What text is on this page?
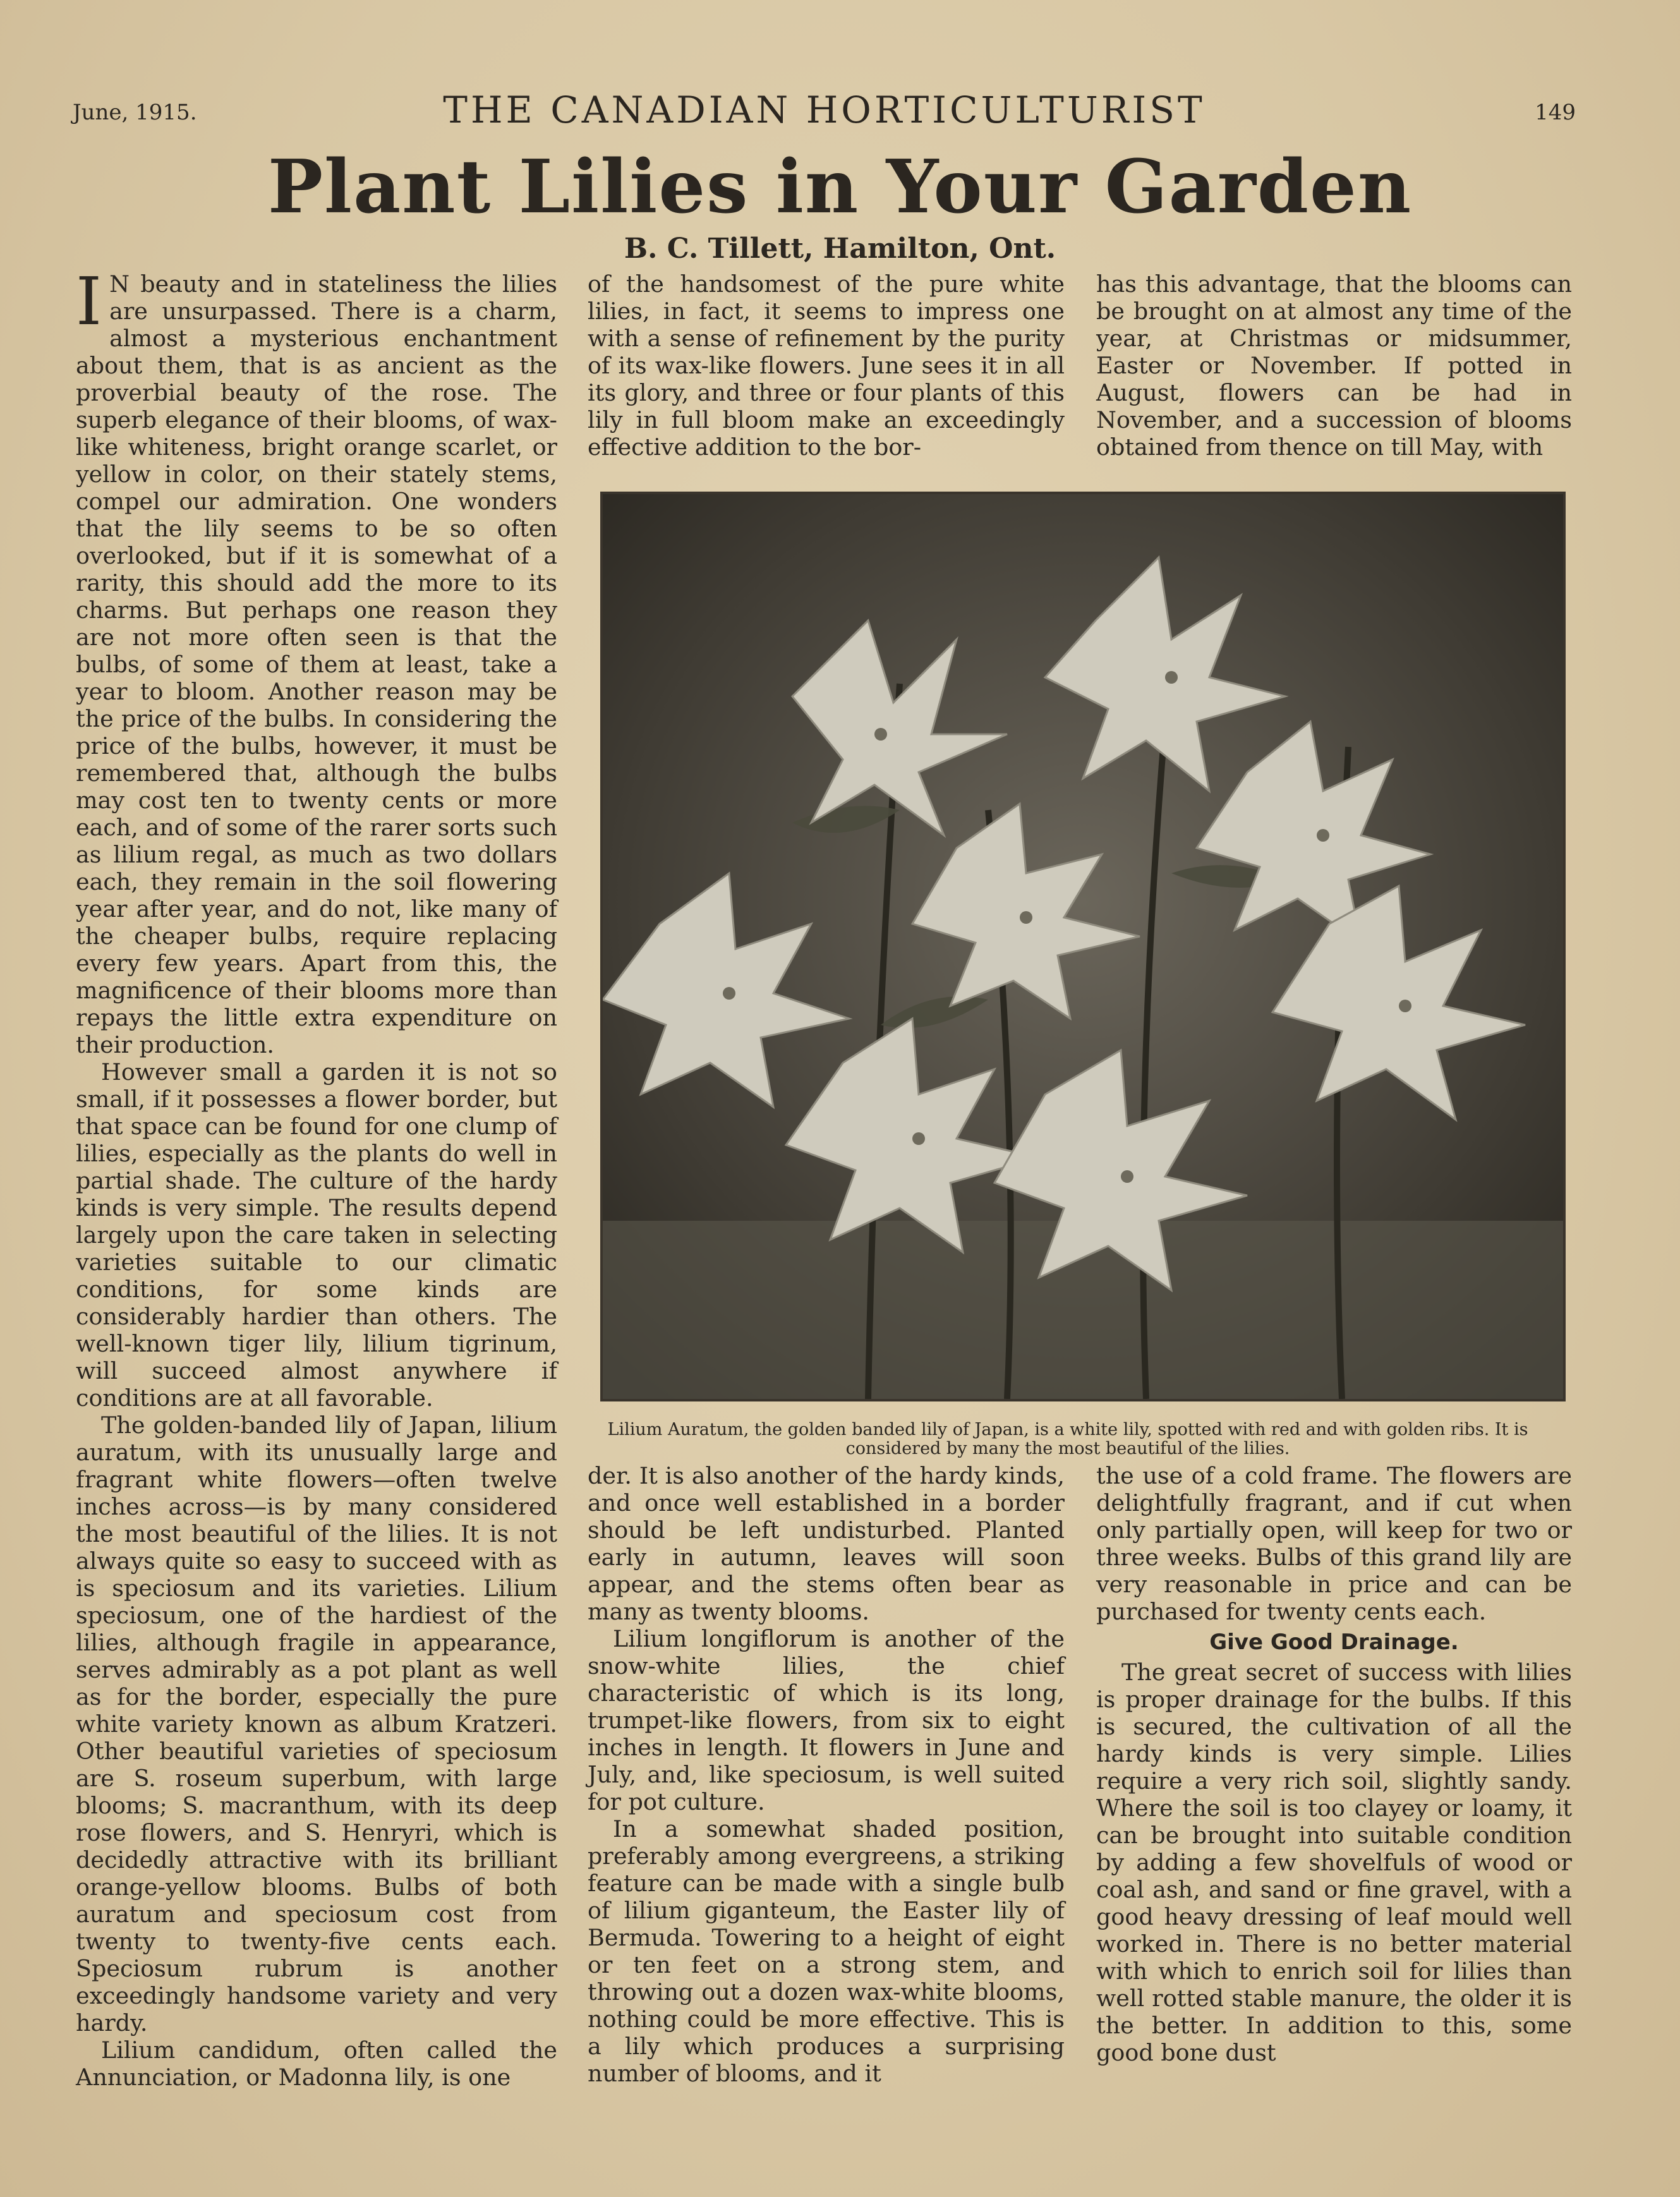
June, 1915.	THE CANADIAN HORTICULTURIST	149
Plant Lilies in Your Garden
B. C. Tillett, Hamilton, Ont.

I N beauty and in stateliness the lilies are unsurpassed. There is a charm, almost a mysterious enchantment about them, that is as ancient as the proverbial beauty of the rose. The superb elegance of their blooms, of wax-like whiteness, bright orange scarlet, or yellow in color, on their stately stems, compel our admiration. One wonders that the lily seems to be so often overlooked, but if it is somewhat of a rarity, this should add the more to its charms. But perhaps one reason they are not more often seen is that the bulbs, of some of them at least, take a year to bloom. Another reason may be the price of the bulbs. In considering the price of the bulbs, however, it must be remembered that, although the bulbs may cost ten to twenty cents or more each, and of some of the rarer sorts such as lilium regal, as much as two dollars each, they remain in the soil flowering year after year, and do not, like many of the cheaper bulbs, require replacing every few years. Apart from this, the magnificence of their blooms more than repays the little extra expenditure on their production.

However small a garden it is not so small, if it possesses a flower border, but that space can be found for one clump of lilies, especially as the plants do well in partial shade. The culture of the hardy kinds is very simple. The results depend largely upon the care taken in selecting varieties suitable to our climatic conditions, for some kinds are considerably hardier than others. The well-known tiger lily, lilium tigrinum, will succeed almost anywhere if conditions are at all favorable.

The golden-banded lily of Japan, lilium auratum, with its unusually large and fragrant white flowers—often twelve inches across—is by many considered the most beautiful of the lilies. It is not always quite so easy to succeed with as is speciosum and its varieties. Lilium speciosum, one of the hardiest of the lilies, although fragile in appearance, serves admirably as a pot plant as well as for the border, especially the pure white variety known as album Kratzeri. Other beautiful varieties of speciosum are S. roseum superbum, with large blooms; S. macranthum, with its deep rose flowers, and S. Henryri, which is decidedly attractive with its brilliant orange-yellow blooms. Bulbs of both auratum and speciosum cost from twenty to twenty-five cents each. Speciosum rubrum is another exceedingly handsome variety and very hardy.

Lilium candidum, often called the Annunciation, or Madonna lily, is one

of the handsomest of the pure white lilies, in fact, it seems to impress one with a sense of refinement by the purity of its wax-like flowers. June sees it in all its glory, and three or four plants of this lily in full bloom make an exceedingly effective addition to the bor-

has this advantage, that the blooms can be brought on at almost any time of the year, at Christmas or midsummer, Easter or November. If potted in August, flowers can be had in November, and a succession of blooms obtained from thence on till May, with

Lilium Auratum, the golden banded lily of Japan, is a white lily, spotted with red and with golden ribs. It is considered by many the most beautiful of the lilies.

der. It is also another of the hardy kinds, and once well established in a border should be left undisturbed. Planted early in autumn, leaves will soon appear, and the stems often bear as many as twenty blooms.

Lilium longiflorum is another of the snow-white lilies, the chief characteristic of which is its long, trumpet-like flowers, from six to eight inches in length. It flowers in June and July, and, like speciosum, is well suited for pot culture.

In a somewhat shaded position, preferably among evergreens, a striking feature can be made with a single bulb of lilium giganteum, the Easter lily of Bermuda. Towering to a height of eight or ten feet on a strong stem, and throwing out a dozen wax-white blooms, nothing could be more effective. This is a lily which produces a surprising number of blooms, and it

the use of a cold frame. The flowers are delightfully fragrant, and if cut when only partially open, will keep for two or three weeks. Bulbs of this grand lily are very reasonable in price and can be purchased for twenty cents each.

Give Good Drainage.

The great secret of success with lilies is proper drainage for the bulbs. If this is secured, the cultivation of all the hardy kinds is very simple. Lilies require a very rich soil, slightly sandy. Where the soil is too clayey or loamy, it can be brought into suitable condition by adding a few shovelfuls of wood or coal ash, and sand or fine gravel, with a good heavy dressing of leaf mould well worked in. There is no better material with which to enrich soil for lilies than well rotted stable manure, the older it is the better. In addition to this, some good bone dust
